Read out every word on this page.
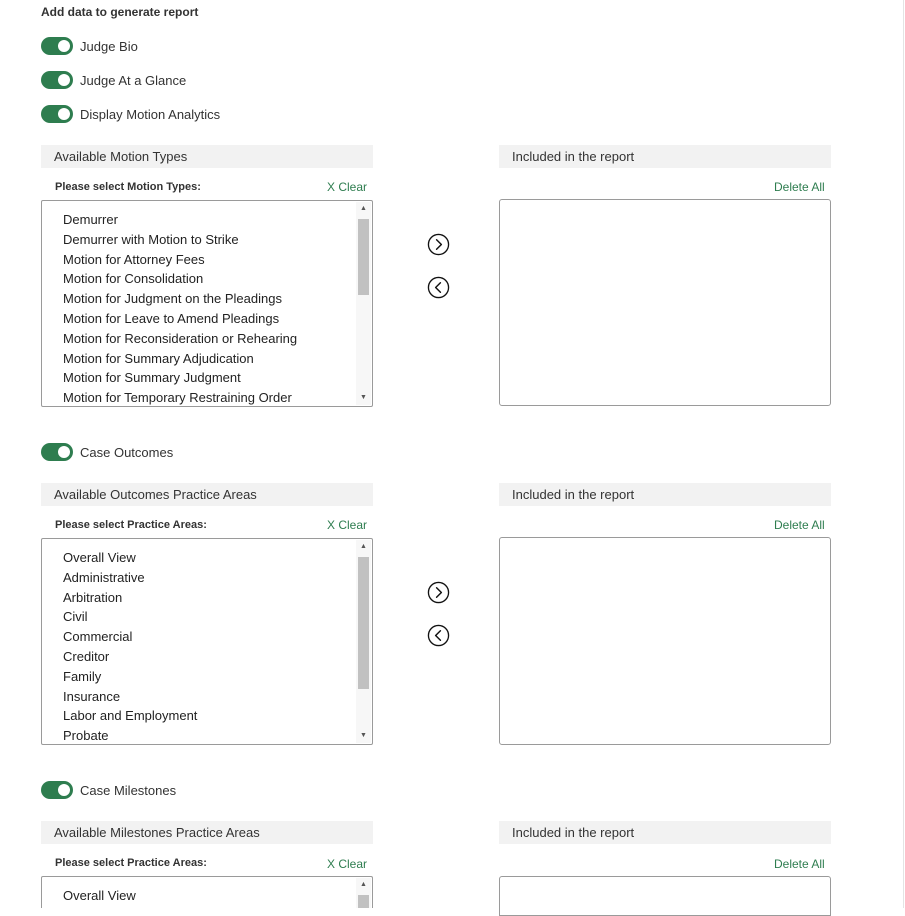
Add data to generate report
Judge Bio
Judge At a Glance
Display Motion Analytics
Available Motion Types	Included in the report
Please select Motion Types:	X Clear	Delete All
Demurrer
Demurrer with Motion to Strike
Motion for Attorney Fees
Motion for Consolidation
Motion for Judgment on the Pleadings
Motion for Leave to Amend Pleadings
Motion for Reconsideration or Rehearing
Motion for Summary Adjudication
Motion for Summary Judgment
Motion for Temporary Restraining Order
▲
▼
Case Outcomes
Available Outcomes Practice Areas	Included in the report
Please select Practice Areas:	X Clear	Delete All
Overall View
Administrative
Arbitration
Civil
Commercial
Creditor
Family
Insurance
Labor and Employment
Probate
▲
▼
Case Milestones
Available Milestones Practice Areas	Included in the report
Please select Practice Areas:	X Clear	Delete All
Overall View
▲
